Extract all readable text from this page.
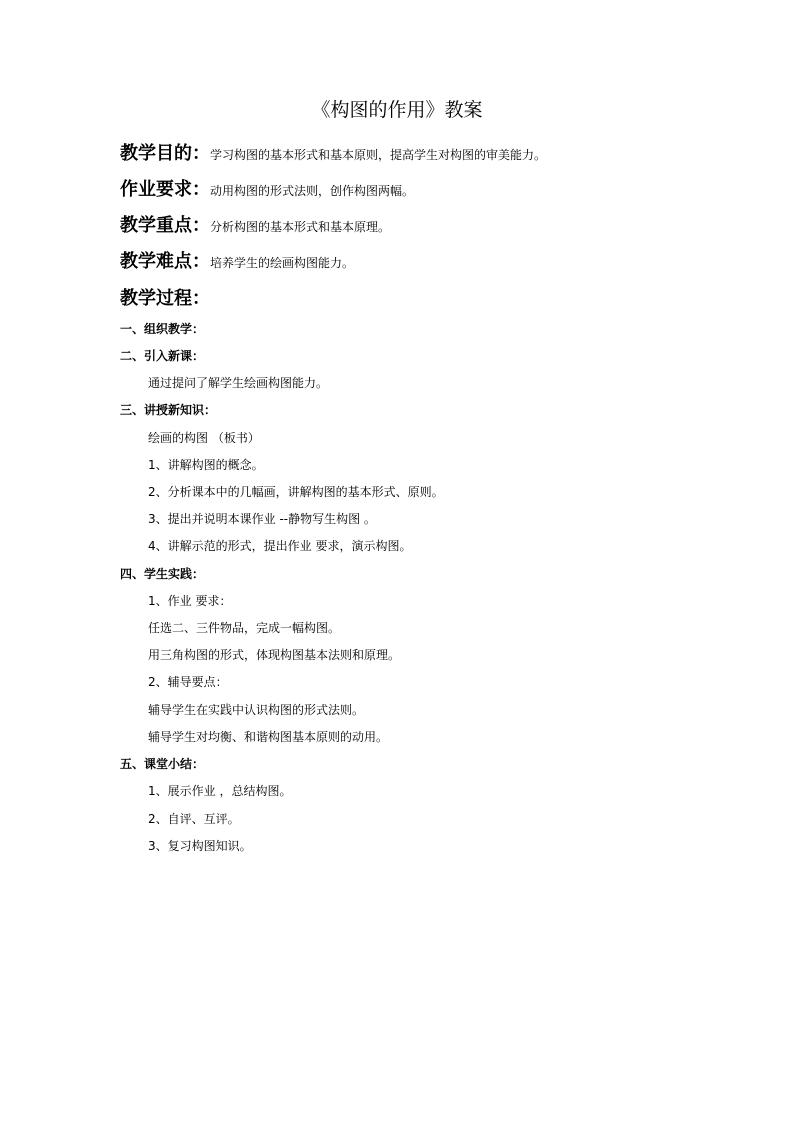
《构图的作用》教案
教学目的：学习构图的基本形式和基本原则，提高学生对构图的审美能力。
作业要求：动用构图的形式法则，创作构图两幅。
教学重点：分析构图的基本形式和基本原理。
教学难点：培养学生的绘画构图能力。
教学过程：
一、组织教学：
二、引入新课：
通过提问了解学生绘画构图能力。
三、讲授新知识：
绘画的构图 （板书）
1、讲解构图的概念。
2、分析课本中的几幅画，讲解构图的基本形式、原则。
3、提出并说明本课作业 --静物写生构图 。
4、讲解示范的形式，提出作业 要求，演示构图。
四、学生实践：
1、作业 要求：
任选二、三件物品，完成一幅构图。
用三角构图的形式，体现构图基本法则和原理。
2、辅导要点：
辅导学生在实践中认识构图的形式法则。
辅导学生对均衡、和谐构图基本原则的动用。
五、课堂小结：
1、展示作业 ，总结构图。
2、自评、互评。
3、复习构图知识。
